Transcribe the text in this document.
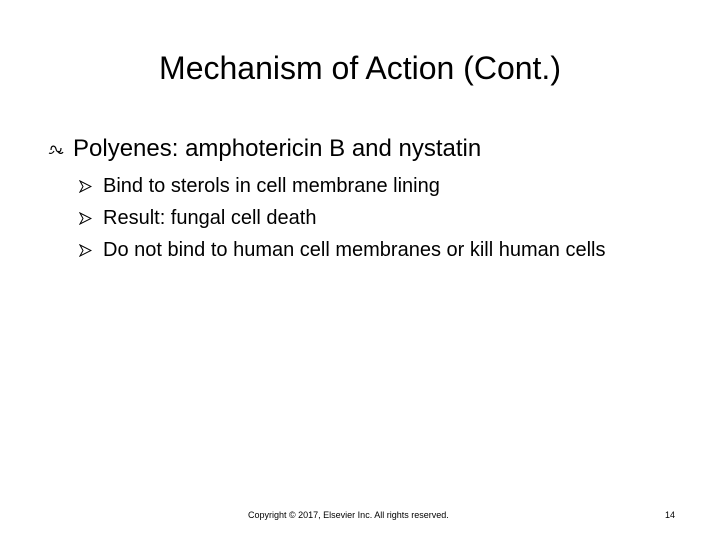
Mechanism of Action (Cont.)
Polyenes: amphotericin B and nystatin
Bind to sterols in cell membrane lining
Result: fungal cell death
Do not bind to human cell membranes or kill human cells
Copyright © 2017, Elsevier Inc. All rights reserved.	14
